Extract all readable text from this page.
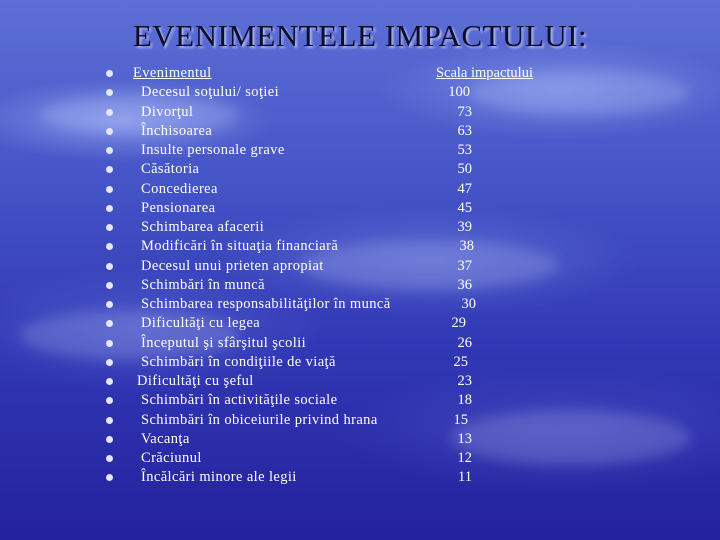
EVENIMENTELE IMPACTULUI:
Evenimentul	Scala impactului
Decesul soţului/ soţiei	100
Divorţul	73
Închisoarea	63
Insulte personale grave	53
Căsătoria	50
Concedierea	47
Pensionarea	45
Schimbarea afacerii	39
Modificări în situaţia financiară	38
Decesul unui prieten apropiat	37
Schimbări în muncă	36
Schimbarea responsabilităţilor în muncă	30
Dificultăţi cu legea	29
Începutul şi sfârşitul şcolii	26
Schimbări în condiţiile de viaţă	25
Dificultăţi cu şeful	23
Schimbări în activităţile sociale	18
Schimbări în obiceiurile privind hrana	15
Vacanţa	13
Crăciunul	12
Încălcări minore ale legii	11
